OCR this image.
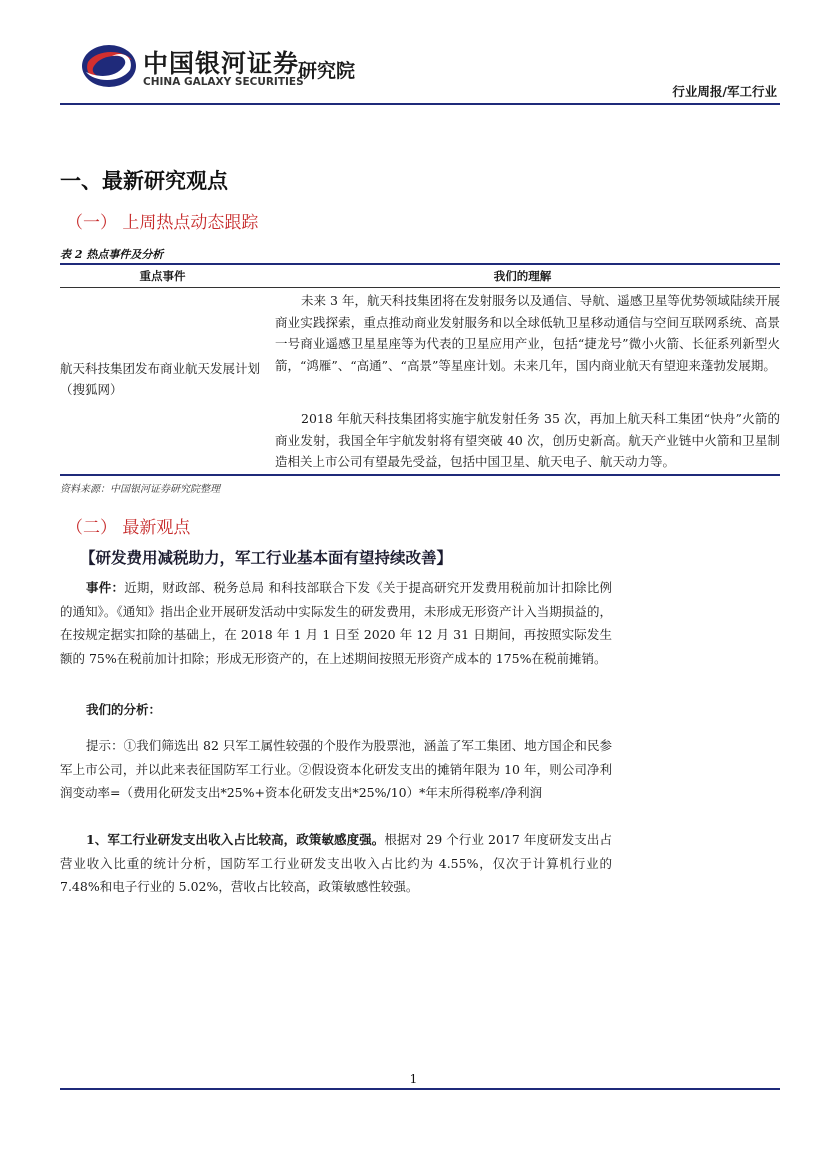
中国银河证券
CHINA GALAXY SECURITIES
研究院
行业周报/军工行业
一、最新研究观点
（一） 上周热点动态跟踪
表 2 热点事件及分析
重点事件	我们的理解
航天科技集团发布商业航天发展计划（搜狐网）
未来 3 年，航天科技集团将在发射服务以及通信、导航、遥感卫星等优势领域陆续开展商业实践探索，重点推动商业发射服务和以全球低轨卫星移动通信与空间互联网系统、高景一号商业遥感卫星星座等为代表的卫星应用产业，包括“捷龙号”微小火箭、长征系列新型火箭，“鸿雁”、“高通”、“高景”等星座计划。未来几年，国内商业航天有望迎来蓬勃发展期。
2018 年航天科技集团将实施宇航发射任务 35 次，再加上航天科工集团“快舟”火箭的商业发射，我国全年宇航发射将有望突破 40 次，创历史新高。航天产业链中火箭和卫星制造相关上市公司有望最先受益，包括中国卫星、航天电子、航天动力等。
资料来源：中国银河证券研究院整理
（二） 最新观点
【研发费用减税助力，军工行业基本面有望持续改善】
事件：近期，财政部、税务总局 和科技部联合下发《关于提高研究开发费用税前加计扣除比例的通知》。《通知》指出企业开展研发活动中实际发生的研发费用，未形成无形资产计入当期损益的，在按规定据实扣除的基础上，在 2018 年 1 月 1 日至 2020 年 12 月 31 日期间，再按照实际发生额的 75%在税前加计扣除；形成无形资产的，在上述期间按照无形资产成本的 175%在税前摊销。
我们的分析：
提示：①我们筛选出 82 只军工属性较强的个股作为股票池，涵盖了军工集团、地方国企和民参军上市公司，并以此来表征国防军工行业。②假设资本化研发支出的摊销年限为 10 年，则公司净利润变动率=（费用化研发支出*25%+资本化研发支出*25%/10）*年末所得税率/净利润
1、军工行业研发支出收入占比较高，政策敏感度强。根据对 29 个行业 2017 年度研发支出占营业收入比重的统计分析，国防军工行业研发支出收入占比约为 4.55%，仅次于计算机行业的 7.48%和电子行业的 5.02%，营收占比较高，政策敏感性较强。
1
